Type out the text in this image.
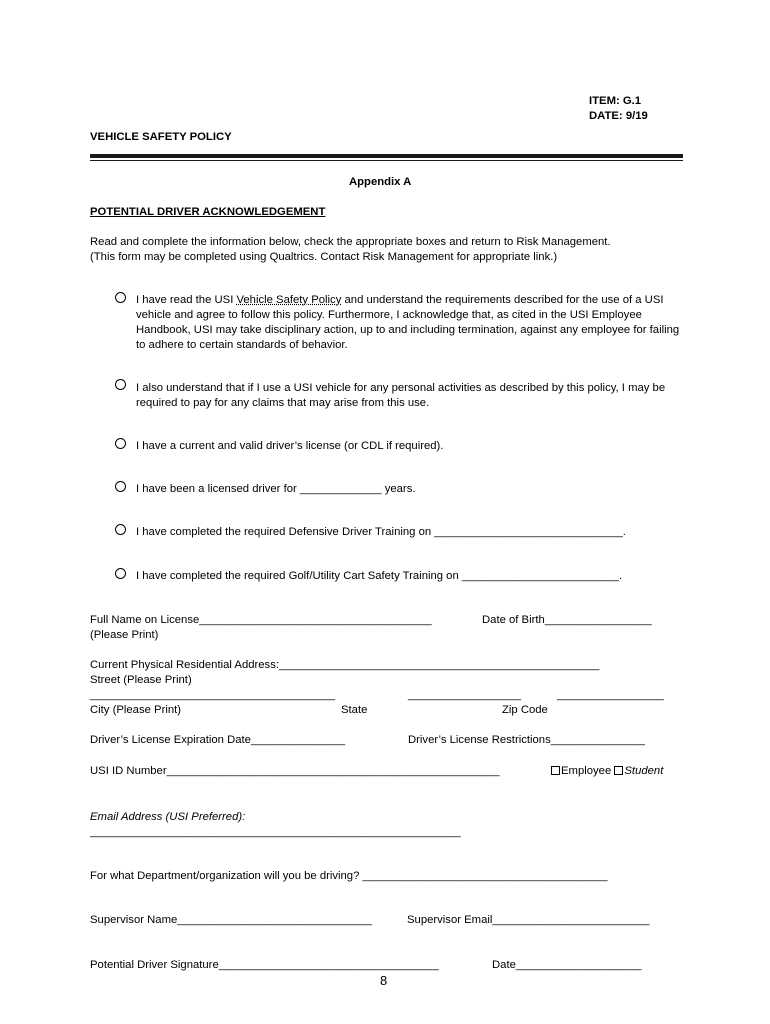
ITEM: G.1
DATE: 9/19
VEHICLE SAFETY POLICY
Appendix A
POTENTIAL DRIVER ACKNOWLEDGEMENT
Read and complete the information below, check the appropriate boxes and return to Risk Management.
(This form may be completed using Qualtrics. Contact Risk Management for appropriate link.)
I have read the USI Vehicle Safety Policy and understand the requirements described for the use of a USI vehicle and agree to follow this policy. Furthermore, I acknowledge that, as cited in the USI Employee Handbook, USI may take disciplinary action, up to and including termination, against any employee for failing to adhere to certain standards of behavior.
I also understand that if I use a USI vehicle for any personal activities as described by this policy, I may be required to pay for any claims that may arise from this use.
I have a current and valid driver’s license (or CDL if required).
I have been a licensed driver for _____________ years.
I have completed the required Defensive Driver Training on ______________________________.
I have completed the required Golf/Utility Cart Safety Training on _________________________.
Full Name on License_____________________________________	Date of Birth_________________
(Please Print)
Current Physical Residential Address:___________________________________________________
Street (Please Print)
_______________________________________	__________________	_________________
City (Please Print)	State	Zip Code
Driver’s License Expiration Date_______________	Driver’s License Restrictions_______________
USI ID Number_____________________________________________________	Employee Student
Email Address (USI Preferred):
___________________________________________________________
For what Department/organization will you be driving? _______________________________________
Supervisor Name_______________________________	Supervisor Email_________________________
Potential Driver Signature___________________________________	Date____________________
8
